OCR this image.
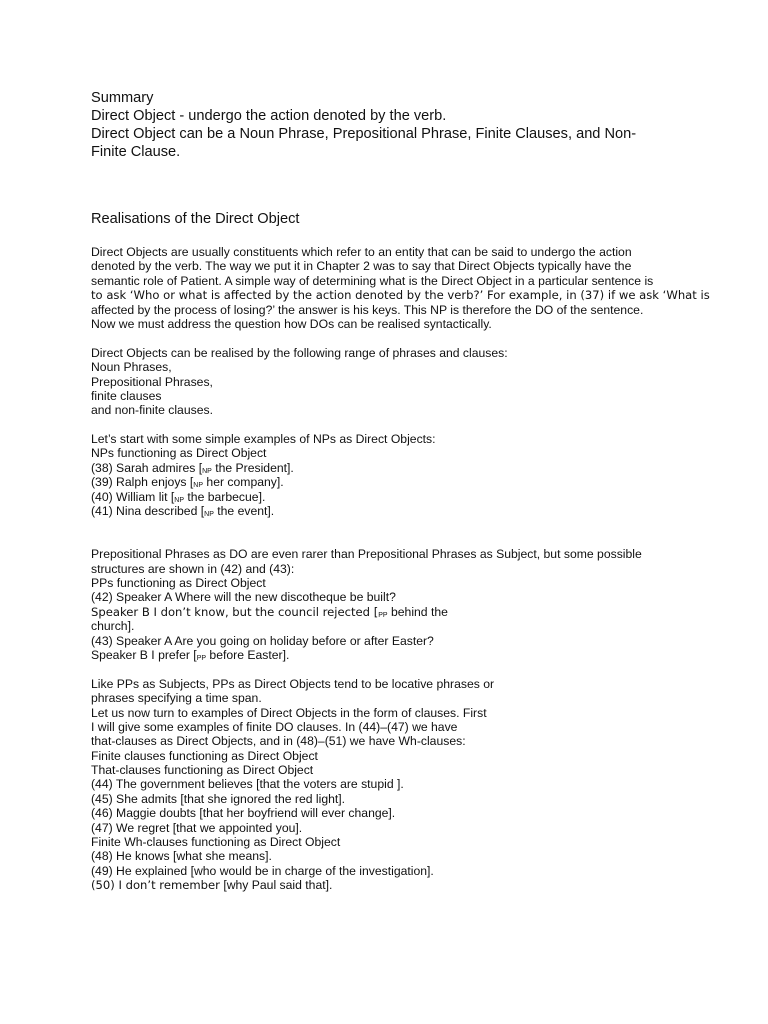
Summary
Direct Object - undergo the action denoted by the verb.
Direct Object can be a Noun Phrase, Prepositional Phrase, Finite Clauses, and Non-
Finite Clause.
Realisations of the Direct Object
Direct Objects are usually constituents which refer to an entity that can be said to undergo the action
denoted by the verb. The way we put it in Chapter 2 was to say that Direct Objects typically have the
semantic role of Patient. A simple way of determining what is the Direct Object in a particular sentence is
to ask ‘Who or what is affected by the action denoted by the verb?’ For example, in (37) if we ask ‘What is
affected by the process of losing?’ the answer is his keys. This NP is therefore the DO of the sentence.
Now we must address the question how DOs can be realised syntactically.
Direct Objects can be realised by the following range of phrases and clauses:
Noun Phrases,
Prepositional Phrases,
finite clauses
and non-finite clauses.
Let’s start with some simple examples of NPs as Direct Objects:
NPs functioning as Direct Object
(38) Sarah admires [NP the President].
(39) Ralph enjoys [NP her company].
(40) William lit [NP the barbecue].
(41) Nina described [NP the event].
Prepositional Phrases as DO are even rarer than Prepositional Phrases as Subject, but some possible
structures are shown in (42) and (43):
PPs functioning as Direct Object
(42) Speaker A Where will the new discotheque be built?
Speaker B I don’t know, but the council rejected [PP behind the
church].
(43) Speaker A Are you going on holiday before or after Easter?
Speaker B I prefer [PP before Easter].
Like PPs as Subjects, PPs as Direct Objects tend to be locative phrases or
phrases specifying a time span.
Let us now turn to examples of Direct Objects in the form of clauses. First
I will give some examples of finite DO clauses. In (44)–(47) we have
that-clauses as Direct Objects, and in (48)–(51) we have Wh-clauses:
Finite clauses functioning as Direct Object
That-clauses functioning as Direct Object
(44) The government believes [that the voters are stupid ].
(45) She admits [that she ignored the red light].
(46) Maggie doubts [that her boyfriend will ever change].
(47) We regret [that we appointed you].
Finite Wh-clauses functioning as Direct Object
(48) He knows [what she means].
(49) He explained [who would be in charge of the investigation].
(50) I don’t remember [why Paul said that].
